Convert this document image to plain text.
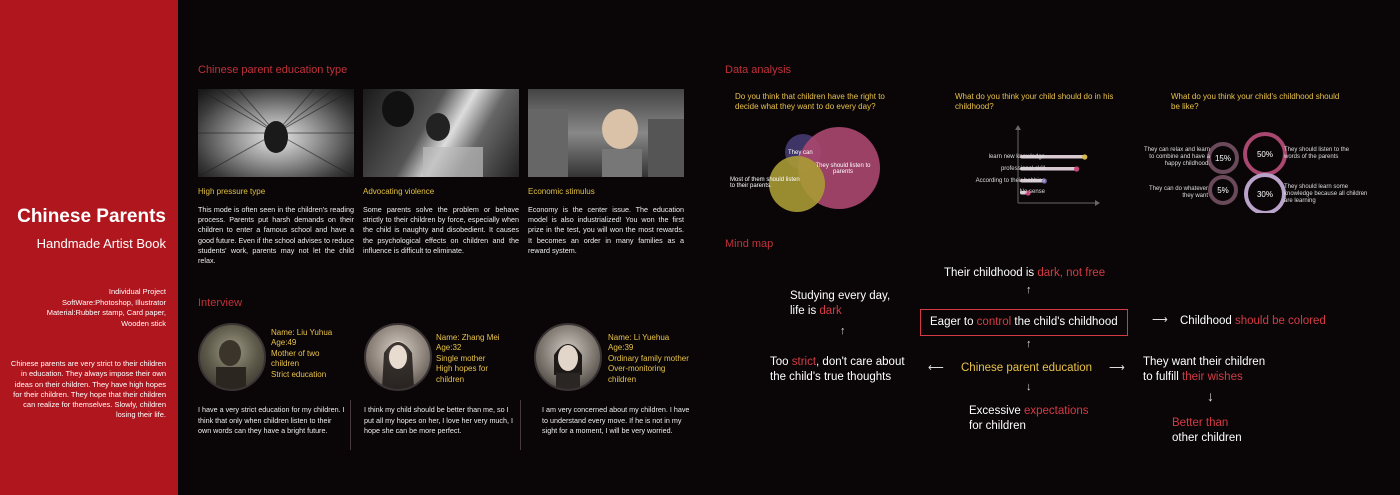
Chinese Parents
Handmade Artist Book
Individual Project
SoftWare:Photoshop, Illustrator
Material:Rubber stamp, Card paper,
Wooden stick
Chinese parents are very strict to their children in education. They always impose their own ideas on their children. They have high hopes for their children. They hope that their children can realize for themselves. Slowly, children losing their life.
Chinese parent education type
High pressure type	Advocating violence	Economic stimulus
This mode is often seen in the children's reading process. Parents put harsh demands on their children to enter a famous school and have a good future. Even if the school advises to reduce students' work, parents may not let the child relax.
Some parents solve the problem or behave strictly to their children by force, especially when the child is naughty and disobedient. It causes the psychological effects on children and the influence is difficult to eliminate.
Economy is the center issue. The education model is also industrialized! You won the first prize in the test, you will won the most rewards. It becomes an order in many families as a reward system.
Interview
Name: Liu Yuhua
Age:49
Mother of two
children
Strict education
Name: Zhang Mei
Age:32
Single mother
High hopes for
children
Name: Li Yuehua
Age:39
Ordinary family mother
Over-monitoring
children
I have a very strict education for my children. I think that only when children listen to their own words can they have a bright future.
I think my child should be better than me, so I put all my hopes on her, I love her very much, I hope she can be more perfect.
I am very concerned about my children. I have to understand every move. If he is not in my sight for a moment, I will be very worried.
Data analysis
Do you think that children have the right to decide what they want to do every day?
They can
They should listen to parents
Most of them should listen to their parents.
What do you think your child should do in his childhood?
learn new knowledge
professional skill
According to their hobbies
No sense
What do you think your child's childhood should be like?
15%	50%
5%	30%
They can relax and learn to combine and have a happy childhood.
They should listen to the words of the parents
They can do whatever they want
They should learn some knowledge because all children are learning
Mind map
Their childhood is dark, not free
↑
Studying every day,
life is dark
↑
Eager to control the child's childhood	⟶ Childhood should be colored
↑
Too strict, don't care about
the child's true thoughts
⟵ Chinese parent education ⟶ They want their children
to fulfill their wishes
↓
↓
Excessive expectations
for children	Better than
other children
